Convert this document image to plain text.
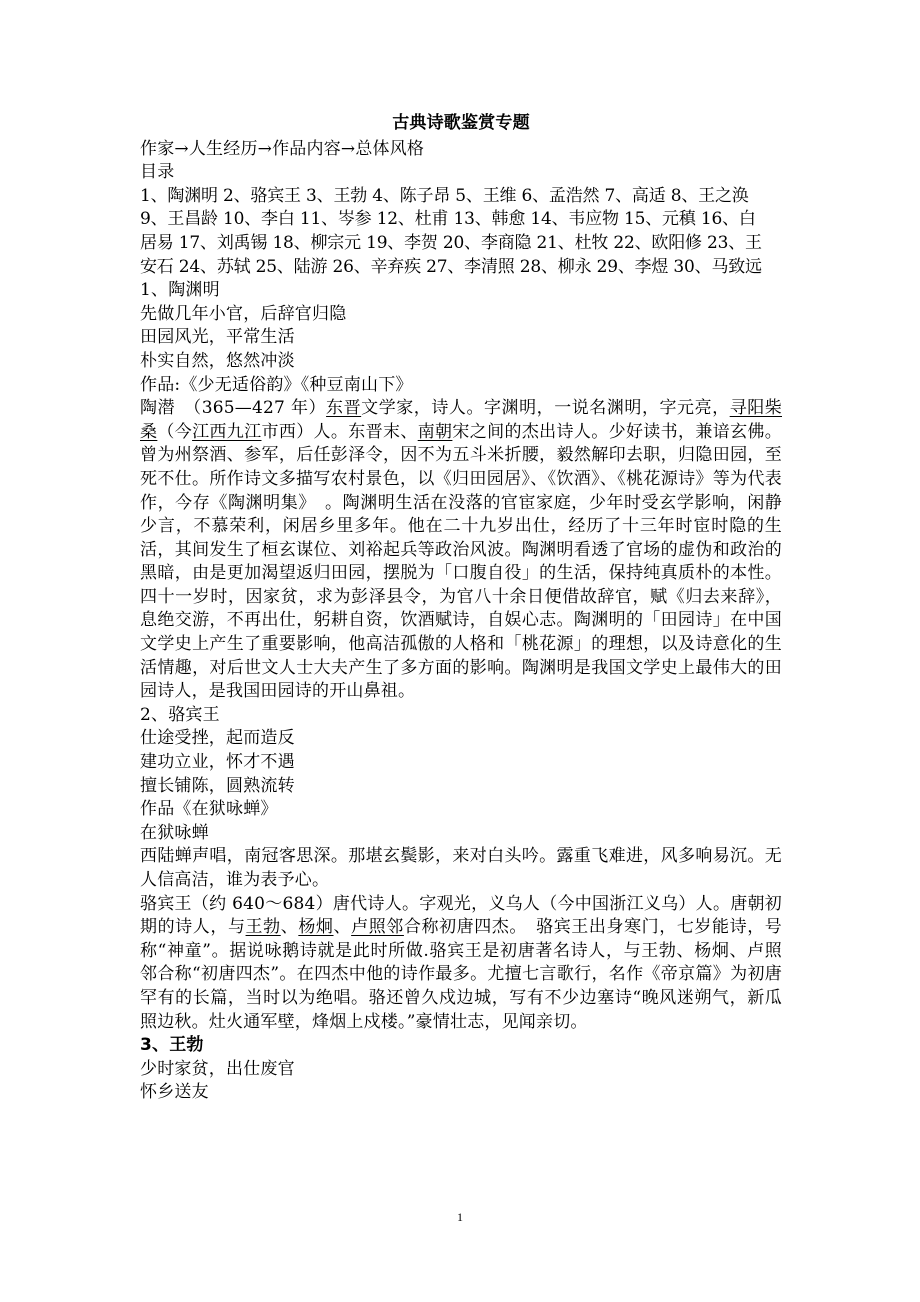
古典诗歌鉴赏专题

作家→人生经历→作品内容→总体风格

目录

1、陶渊明 2、骆宾王 3、王勃 4、陈子昂 5、王维 6、孟浩然 7、高适 8、王之涣

9、王昌龄 10、李白 11、岑参 12、杜甫 13、韩愈 14、韦应物 15、元稹 16、白

居易 17、刘禹锡 18、柳宗元 19、李贺 20、李商隐 21、杜牧 22、欧阳修 23、王

安石 24、苏轼 25、陆游 26、辛弃疾 27、李清照 28、柳永 29、李煜 30、马致远

1、陶渊明

先做几年小官，后辞官归隐

田园风光，平常生活

朴实自然，悠然冲淡

作品:《少无适俗韵》《种豆南山下》

陶潜　（365—427 年）东晋文学家，诗人。字渊明，一说名渊明，字元亮，寻阳柴桑（今江西九江市西）人。东晋末、南朝宋之间的杰出诗人。少好读书，兼谙玄佛。曾为州祭酒、参军，后任彭泽令，因不为五斗米折腰，毅然解印去职，归隐田园，至死不仕。所作诗文多描写农村景色，以《归田园居》、《饮酒》、《桃花源诗》等为代表作，今存《陶渊明集》　。陶渊明生活在没落的官宦家庭，少年时受玄学影响，闲静少言，不慕荣利，闲居乡里多年。他在二十九岁出仕，经历了十三年时宦时隐的生活，其间发生了桓玄谋位、刘裕起兵等政治风波。陶渊明看透了官场的虚伪和政治的黑暗，由是更加渴望返归田园，摆脱为「口腹自役」的生活，保持纯真质朴的本性。四十一岁时，因家贫，求为彭泽县令，为官八十余日便借故辞官，赋《归去来辞》，息绝交游，不再出仕，躬耕自资，饮酒赋诗，自娱心志。陶渊明的「田园诗」在中国文学史上产生了重要影响，他高洁孤傲的人格和「桃花源」的理想，以及诗意化的生活情趣，对后世文人士大夫产生了多方面的影响。陶渊明是我国文学史上最伟大的田园诗人，是我国田园诗的开山鼻祖。

2、骆宾王

仕途受挫，起而造反

建功立业，怀才不遇

擅长铺陈，圆熟流转

作品《在狱咏蝉》

在狱咏蝉

西陆蝉声唱，南冠客思深。那堪玄鬓影，来对白头吟。露重飞难进，风多响易沉。无人信高洁，谁为表予心。

骆宾王（约 640～684）唐代诗人。字观光，义乌人（今中国浙江义乌）人。唐朝初期的诗人，与王勃、杨炯、卢照邻合称初唐四杰。　骆宾王出身寒门，七岁能诗，号称“神童”。据说咏鹅诗就是此时所做.骆宾王是初唐著名诗人，与王勃、杨炯、卢照邻合称“初唐四杰”。在四杰中他的诗作最多。尤擅七言歌行，名作《帝京篇》为初唐罕有的长篇，当时以为绝唱。骆还曾久戍边城，写有不少边塞诗“晚风迷朔气，新瓜照边秋。灶火通军壁，烽烟上戍楼。”豪情壮志，见闻亲切。

3、王勃

少时家贫，出仕废官

怀乡送友

1
